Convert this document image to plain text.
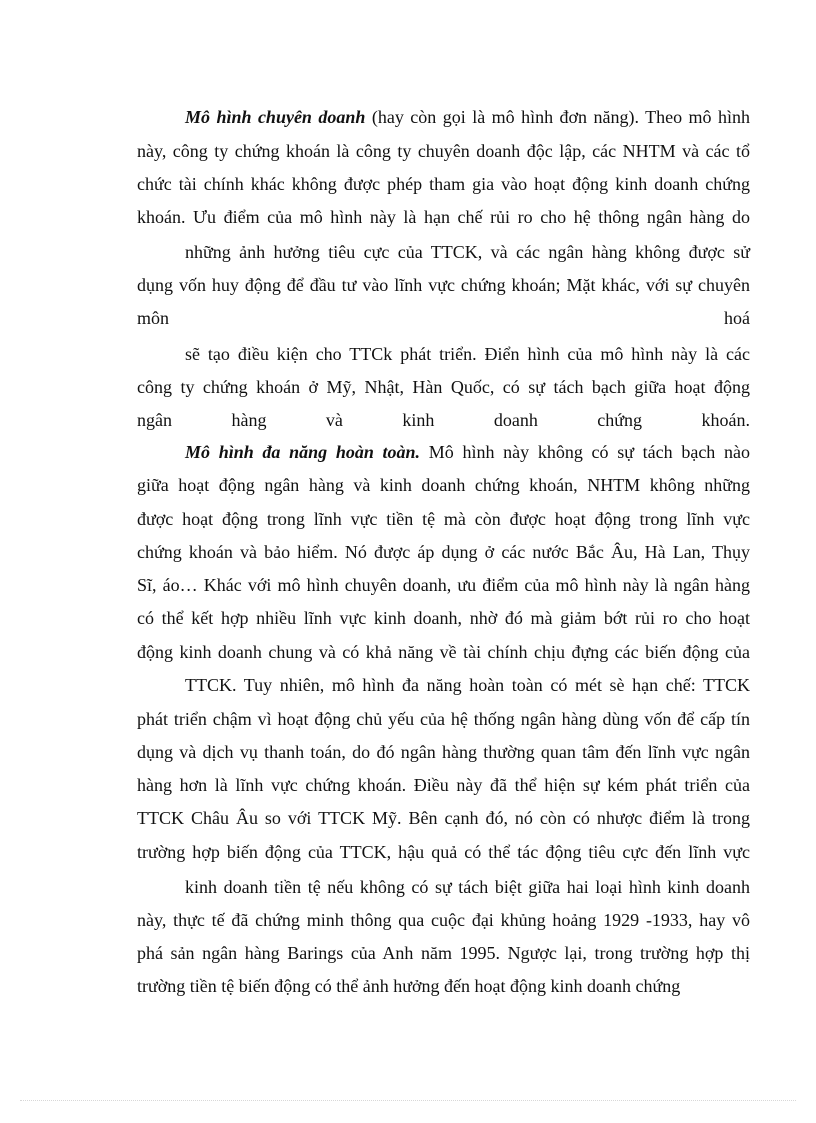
Mô hình chuyên doanh (hay còn gọi là mô hình đơn năng). Theo mô hình
này, công ty chứng khoán là công ty chuyên doanh độc lập, các NHTM và các tổ
chức tài chính khác không được phép tham gia vào hoạt động kinh doanh chứng
khoán. Ưu điểm của mô hình này là hạn chế rủi ro cho hệ thông ngân hàng do
những ảnh hưởng tiêu cực của TTCK, và các ngân hàng không được sử
dụng vốn huy động để đầu tư vào lĩnh vực chứng khoán; Mặt khác, với sự chuyên
môn hoá
sẽ tạo điều kiện cho TTCk phát triển. Điển hình của mô hình này là các
công ty chứng khoán ở Mỹ, Nhật, Hàn Quốc, có sự tách bạch giữa hoạt động
ngân hàng và kinh doanh chứng khoán.
Mô hình đa năng hoàn toàn. Mô hình này không có sự tách bạch nào
giữa hoạt động ngân hàng và kinh doanh chứng khoán, NHTM không những
được hoạt động trong lĩnh vực tiền tệ mà còn được hoạt động trong lĩnh vực
chứng khoán và bảo hiểm. Nó được áp dụng ở các nước Bắc Âu, Hà Lan, Thụy
Sĩ, áo… Khác với mô hình chuyên doanh, ưu điểm của mô hình này là ngân hàng
có thể kết hợp nhiều lĩnh vực kinh doanh, nhờ đó mà giảm bớt rủi ro cho hoạt
động kinh doanh chung và có khả năng về tài chính chịu đựng các biến động của
TTCK. Tuy nhiên, mô hình đa năng hoàn toàn có mét sè hạn chế: TTCK
phát triển chậm vì hoạt động chủ yếu của hệ thống ngân hàng dùng vốn để cấp tín
dụng và dịch vụ thanh toán, do đó ngân hàng thường quan tâm đến lĩnh vực ngân
hàng hơn là lĩnh vực chứng khoán. Điều này đã thể hiện sự kém phát triển của
TTCK Châu Âu so với TTCK Mỹ. Bên cạnh đó, nó còn có nhược điểm là trong
trường hợp biến động của TTCK, hậu quả có thể tác động tiêu cực đến lĩnh vực
kinh doanh tiền tệ nếu không có sự tách biệt giữa hai loại hình kinh doanh
này, thực tế đã chứng minh thông qua cuộc đại khủng hoảng 1929 -1933, hay vô
phá sản ngân hàng Barings của Anh năm 1995. Ngược lại, trong trường hợp thị
trường tiền tệ biến động có thể ảnh hưởng đến hoạt động kinh doanh chứng
